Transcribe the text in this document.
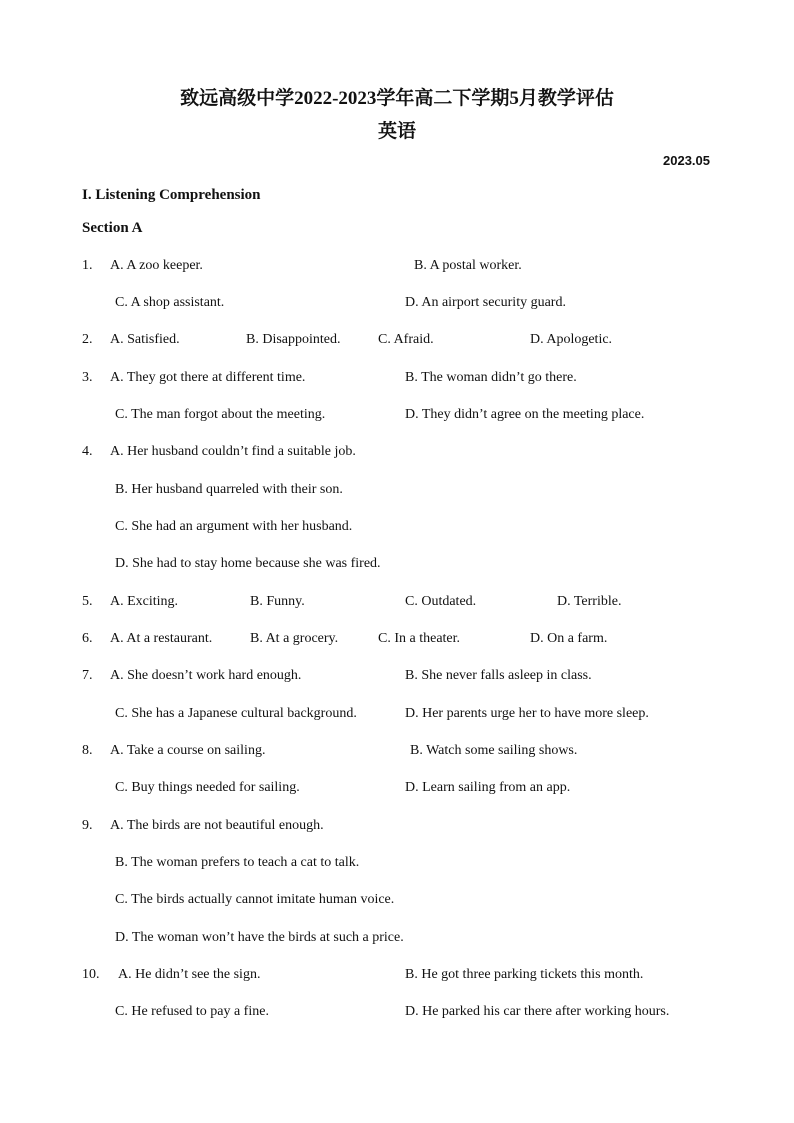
致远高级中学2022-2023学年高二下学期5月教学评估
英语
2023.05
I. Listening Comprehension
Section A
1. A. A zoo keeper.	B. A postal worker.
C. A shop assistant.	D. An airport security guard.
2. A. Satisfied.	B. Disappointed.	C. Afraid.	D. Apologetic.
3. A. They got there at different time.	B. The woman didn’t go there.
C. The man forgot about the meeting.	D. They didn’t agree on the meeting place.
4. A. Her husband couldn’t find a suitable job.
B. Her husband quarreled with their son.
C. She had an argument with her husband.
D. She had to stay home because she was fired.
5. A. Exciting.	B. Funny.	C. Outdated.	D. Terrible.
6. A. At a restaurant.	B. At a grocery.	C. In a theater.	D. On a farm.
7. A. She doesn’t work hard enough.	B. She never falls asleep in class.
C. She has a Japanese cultural background.	D. Her parents urge her to have more sleep.
8. A. Take a course on sailing.	B. Watch some sailing shows.
C. Buy things needed for sailing.	D. Learn sailing from an app.
9. A. The birds are not beautiful enough.
B. The woman prefers to teach a cat to talk.
C. The birds actually cannot imitate human voice.
D. The woman won’t have the birds at such a price.
10. A. He didn’t see the sign.	B. He got three parking tickets this month.
C. He refused to pay a fine.	D. He parked his car there after working hours.
